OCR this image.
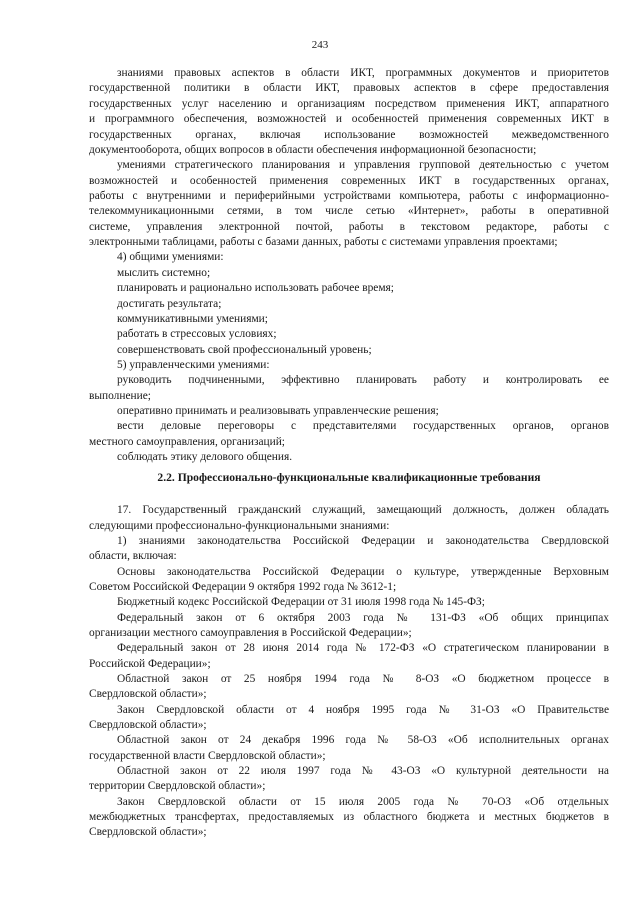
243
2.2. Профессионально-функциональные квалификационные требования
знаниями правовых аспектов в области ИКТ, программных документов и приоритетов
государственной политики в области ИКТ, правовых аспектов в сфере предоставления
государственных услуг населению и организациям посредством применения ИКТ, аппаратного
и программного обеспечения, возможностей и особенностей применения современных ИКТ в
государственных органах, включая использование возможностей межведомственного
документооборота, общих вопросов в области обеспечения информационной безопасности;
умениями стратегического планирования и управления групповой деятельностью с учетом
возможностей и особенностей применения современных ИКТ в государственных органах,
работы с внутренними и периферийными устройствами компьютера, работы с информационно-
телекоммуникационными сетями, в том числе сетью «Интернет», работы в оперативной
системе, управления электронной почтой, работы в текстовом редакторе, работы с
электронными таблицами, работы с базами данных, работы с системами управления проектами;
4) общими умениями:
мыслить системно;
планировать и рационально использовать рабочее время;
достигать результата;
коммуникативными умениями;
работать в стрессовых условиях;
совершенствовать свой профессиональный уровень;
5) управленческими умениями:
руководить подчиненными, эффективно планировать работу и контролировать ее
выполнение;
оперативно принимать и реализовывать управленческие решения;
вести деловые переговоры с представителями государственных органов, органов
местного самоуправления, организаций;
соблюдать этику делового общения.
17. Государственный гражданский служащий, замещающий должность, должен обладать
следующими профессионально-функциональными знаниями:
1) знаниями законодательства Российской Федерации и законодательства Свердловской
области, включая:
Основы законодательства Российской Федерации о культуре, утвержденные Верховным
Советом Российской Федерации 9 октября 1992 года № 3612-1;
Бюджетный кодекс Российской Федерации от 31 июля 1998 года № 145-ФЗ;
Федеральный закон от 6 октября 2003 года № 131-ФЗ «Об общих принципах
организации местного самоуправления в Российской Федерации»;
Федеральный закон от 28 июня 2014 года № 172-ФЗ «О стратегическом планировании в
Российской Федерации»;
Областной закон от 25 ноября 1994 года № 8-ОЗ «О бюджетном процессе в
Свердловской области»;
Закон Свердловской области от 4 ноября 1995 года № 31-ОЗ «О Правительстве
Свердловской области»;
Областной закон от 24 декабря 1996 года № 58-ОЗ «Об исполнительных органах
государственной власти Свердловской области»;
Областной закон от 22 июля 1997 года № 43-ОЗ «О культурной деятельности на
территории Свердловской области»;
Закон Свердловской области от 15 июля 2005 года № 70-ОЗ «Об отдельных
межбюджетных трансфертах, предоставляемых из областного бюджета и местных бюджетов в
Свердловской области»;
